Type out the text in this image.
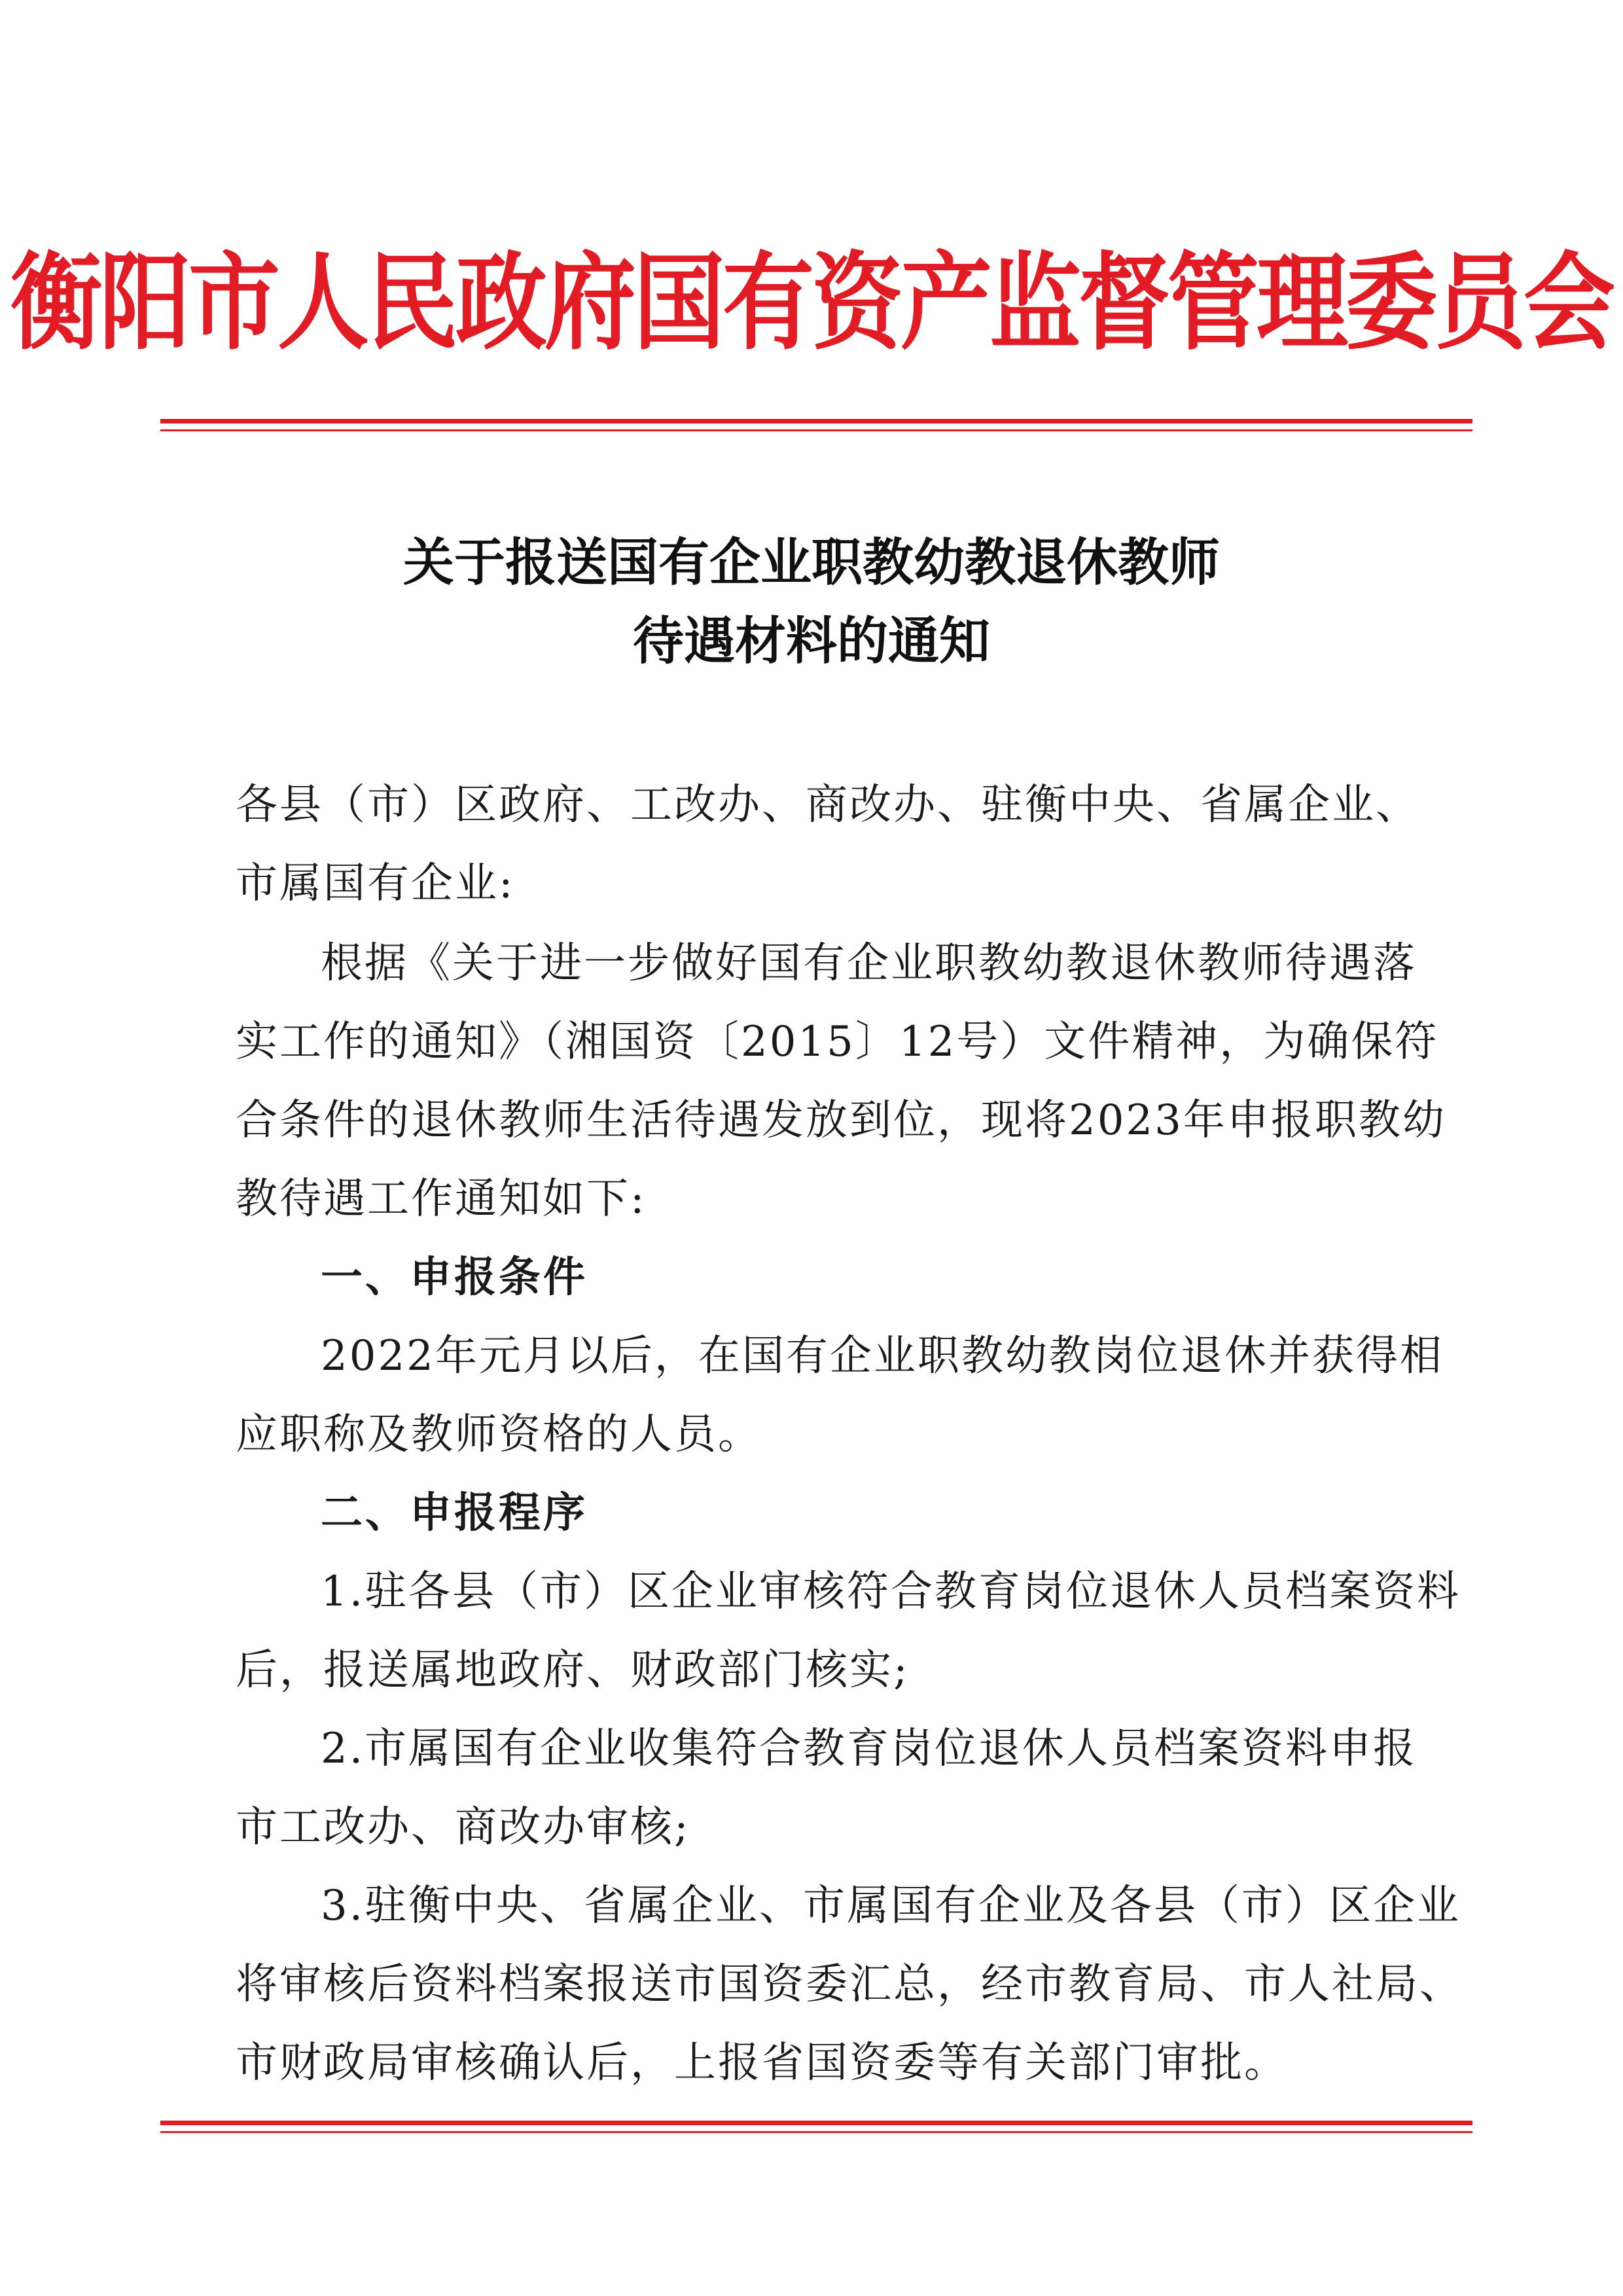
衡阳市人民政府国有资产监督管理委员会
关于报送国有企业职教幼教退休教师
待遇材料的通知
各县（市）区政府、工改办、商改办、驻衡中央、省属企业、
市属国有企业:
根据《关于进一步做好国有企业职教幼教退休教师待遇落
实工作的通知》（湘国资〔2015〕12号）文件精神，为确保符
合条件的退休教师生活待遇发放到位，现将2023年申报职教幼
教待遇工作通知如下:
一、申报条件
2022年元月以后，在国有企业职教幼教岗位退休并获得相
应职称及教师资格的人员。
二、申报程序
1.驻各县（市）区企业审核符合教育岗位退休人员档案资料
后，报送属地政府、财政部门核实;
2.市属国有企业收集符合教育岗位退休人员档案资料申报
市工改办、商改办审核;
3.驻衡中央、省属企业、市属国有企业及各县（市）区企业
将审核后资料档案报送市国资委汇总，经市教育局、市人社局、
市财政局审核确认后，上报省国资委等有关部门审批。
